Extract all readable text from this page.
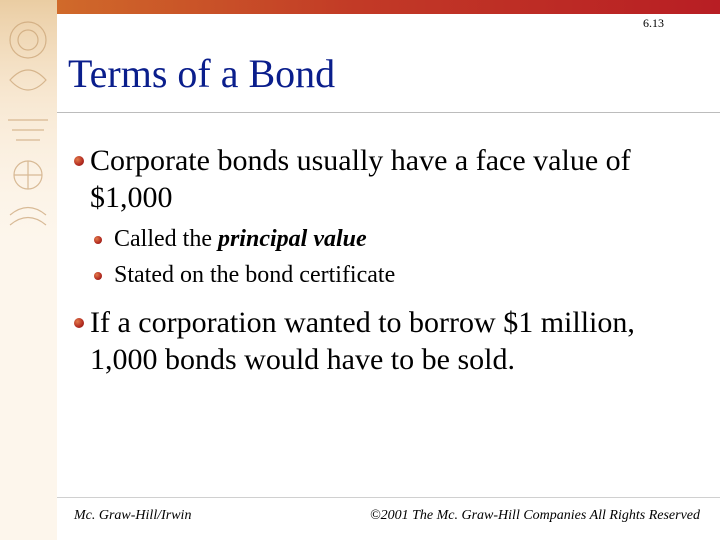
6.13
Terms of a Bond
Corporate bonds usually have a face value of $1,000
Called the principal value
Stated on the bond certificate
If a corporation wanted to borrow $1 million, 1,000 bonds would have to be sold.
Mc. Graw-Hill/Irwin	©2001 The Mc. Graw-Hill Companies All Rights Reserved
